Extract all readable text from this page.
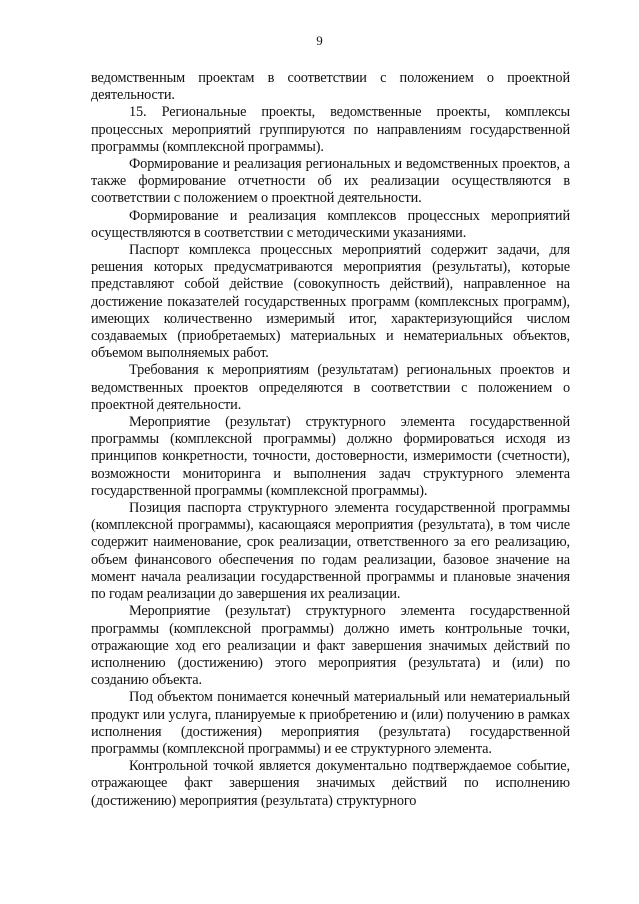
9

ведомственным проектам в соответствии с положением о проектной деятельности.

15. Региональные проекты, ведомственные проекты, комплексы процессных мероприятий группируются по направлениям государственной программы (комплексной программы).

Формирование и реализация региональных и ведомственных проектов, а также формирование отчетности об их реализации осуществляются в соответствии с положением о проектной деятельности.

Формирование и реализация комплексов процессных мероприятий осуществляются в соответствии с методическими указаниями.

Паспорт комплекса процессных мероприятий содержит задачи, для решения которых предусматриваются мероприятия (результаты), которые представляют собой действие (совокупность действий), направленное на достижение показателей государственных программ (комплексных программ), имеющих количественно измеримый итог, характеризующийся числом создаваемых (приобретаемых) материальных и нематериальных объектов, объемом выполняемых работ.

Требования к мероприятиям (результатам) региональных проектов и ведомственных проектов определяются в соответствии с положением о проектной деятельности.

Мероприятие (результат) структурного элемента государственной программы (комплексной программы) должно формироваться исходя из принципов конкретности, точности, достоверности, измеримости (счетности), возможности мониторинга и выполнения задач структурного элемента государственной программы (комплексной программы).

Позиция паспорта структурного элемента государственной программы (комплексной программы), касающаяся мероприятия (результата), в том числе содержит наименование, срок реализации, ответственного за его реализацию, объем финансового обеспечения по годам реализации, базовое значение на момент начала реализации государственной программы и плановые значения по годам реализации до завершения их реализации.

Мероприятие (результат) структурного элемента государственной программы (комплексной программы) должно иметь контрольные точки, отражающие ход его реализации и факт завершения значимых действий по исполнению (достижению) этого мероприятия (результата) и (или) по созданию объекта.

Под объектом понимается конечный материальный или нематериальный продукт или услуга, планируемые к приобретению и (или) получению в рамках исполнения (достижения) мероприятия (результата) государственной программы (комплексной программы) и ее структурного элемента.

Контрольной точкой является документально подтверждаемое событие, отражающее факт завершения значимых действий по исполнению (достижению) мероприятия (результата) структурного
